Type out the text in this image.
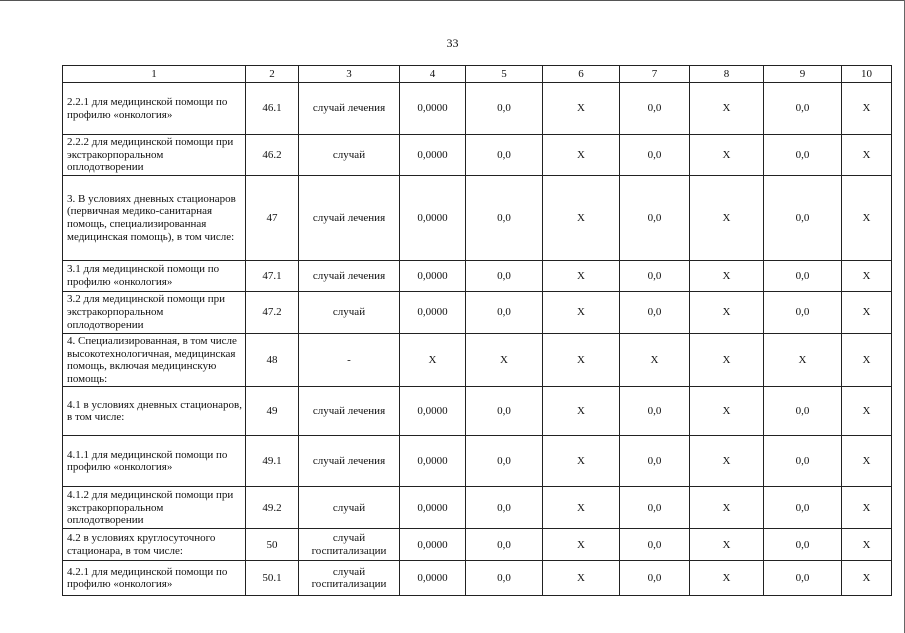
33
1	2	3	4	5	6	7	8	9	10
2.2.1 для медицинской помощи по профилю «онкология»	46.1	случай лечения	0,0000	0,0	X	0,0	X	0,0	X
2.2.2 для медицинской помощи при экстракорпоральном оплодотворении	46.2	случай	0,0000	0,0	X	0,0	X	0,0	X
3. В условиях дневных стационаров (первичная медико-санитарная помощь, специализированная медицинская помощь), в том числе:	47	случай лечения	0,0000	0,0	X	0,0	X	0,0	X
3.1 для медицинской помощи по профилю «онкология»	47.1	случай лечения	0,0000	0,0	X	0,0	X	0,0	X
3.2 для медицинской помощи при экстракорпоральном оплодотворении	47.2	случай	0,0000	0,0	X	0,0	X	0,0	X
4. Специализированная, в том числе высокотехнологичная, медицинская помощь, включая медицинскую помощь:	48	-	X	X	X	X	X	X	X
4.1 в условиях дневных стационаров, в том числе:	49	случай лечения	0,0000	0,0	X	0,0	X	0,0	X
4.1.1 для медицинской помощи по профилю «онкология»	49.1	случай лечения	0,0000	0,0	X	0,0	X	0,0	X
4.1.2 для медицинской помощи при экстракорпоральном оплодотворении	49.2	случай	0,0000	0,0	X	0,0	X	0,0	X
4.2 в условиях круглосуточного стационара, в том числе:	50	случай госпитализации	0,0000	0,0	X	0,0	X	0,0	X
4.2.1 для медицинской помощи по профилю «онкология»	50.1	случай госпитализации	0,0000	0,0	X	0,0	X	0,0	X
